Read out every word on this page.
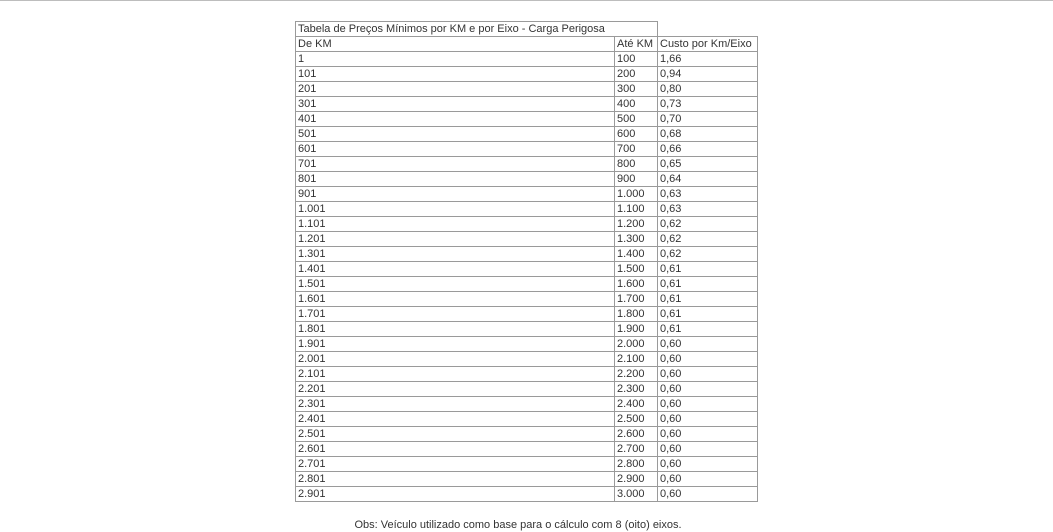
Tabela de Preços Mínimos por KM e por Eixo - Carga Perigosa		
De KM	Até KM	Custo por Km/Eixo
1	100	1,66
101	200	0,94
201	300	0,80
301	400	0,73
401	500	0,70
501	600	0,68
601	700	0,66
701	800	0,65
801	900	0,64
901	1.000	0,63
1.001	1.100	0,63
1.101	1.200	0,62
1.201	1.300	0,62
1.301	1.400	0,62
1.401	1.500	0,61
1.501	1.600	0,61
1.601	1.700	0,61
1.701	1.800	0,61
1.801	1.900	0,61
1.901	2.000	0,60
2.001	2.100	0,60
2.101	2.200	0,60
2.201	2.300	0,60
2.301	2.400	0,60
2.401	2.500	0,60
2.501	2.600	0,60
2.601	2.700	0,60
2.701	2.800	0,60
2.801	2.900	0,60
2.901	3.000	0,60
Obs: Veículo utilizado como base para o cálculo com 8 (oito) eixos.
